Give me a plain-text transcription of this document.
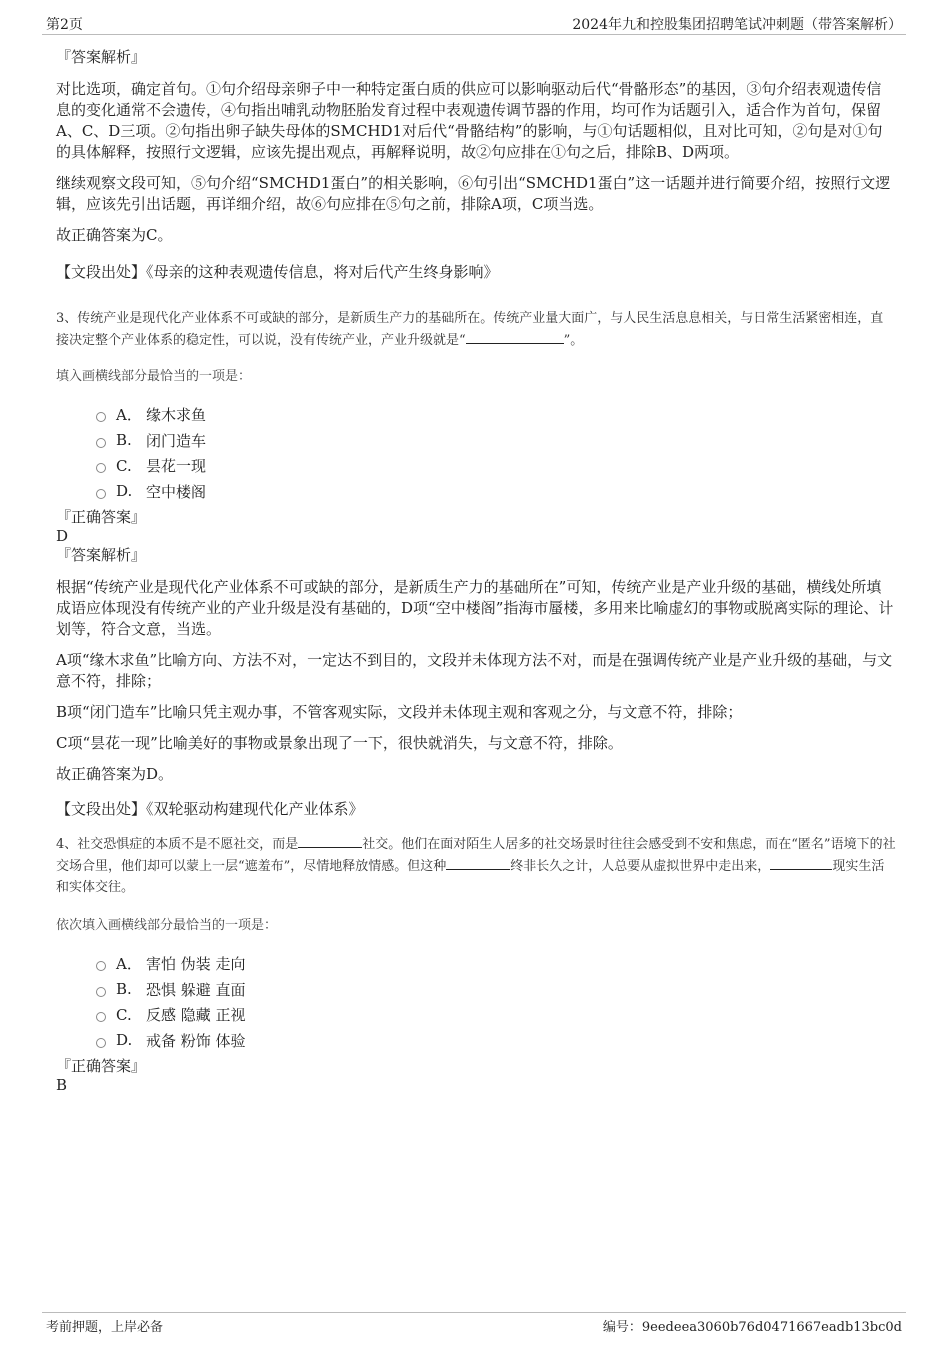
第2页	2024年九和控股集团招聘笔试冲刺题（带答案解析）
『答案解析』

对比选项，确定首句。①句介绍母亲卵子中一种特定蛋白质的供应可以影响驱动后代“骨骼形态”的基因，③句介绍表观遗传信息的变化通常不会遗传，④句指出哺乳动物胚胎发育过程中表观遗传调节器的作用，均可作为话题引入，适合作为首句，保留A、C、D三项。②句指出卵子缺失母体的SMCHD1对后代“骨骼结构”的影响，与①句话题相似，且对比可知，②句是对①句的具体解释，按照行文逻辑，应该先提出观点，再解释说明，故②句应排在①句之后，排除B、D两项。

继续观察文段可知，⑤句介绍“SMCHD1蛋白”的相关影响，⑥句引出“SMCHD1蛋白”这一话题并进行简要介绍，按照行文逻辑，应该先引出话题，再详细介绍，故⑥句应排在⑤句之前，排除A项，C项当选。

故正确答案为C。

【文段出处】《母亲的这种表观遗传信息，将对后代产生终身影响》

3、传统产业是现代化产业体系不可或缺的部分，是新质生产力的基础所在。传统产业量大面广，与人民生活息息相关，与日常生活紧密相连，直接决定整个产业体系的稳定性，可以说，没有传统产业，产业升级就是“	”。

填入画横线部分最恰当的一项是：
A． 缘木求鱼
B. 闭门造车
C. 昙花一现
D. 空中楼阁
『正确答案』
D
『答案解析』

根据“传统产业是现代化产业体系不可或缺的部分，是新质生产力的基础所在”可知，传统产业是产业升级的基础，横线处所填成语应体现没有传统产业的产业升级是没有基础的，D项“空中楼阁”指海市蜃楼，多用来比喻虚幻的事物或脱离实际的理论、计划等，符合文意，当选。

A项“缘木求鱼”比喻方向、方法不对，一定达不到目的，文段并未体现方法不对，而是在强调传统产业是产业升级的基础，与文意不符，排除；

B项“闭门造车”比喻只凭主观办事，不管客观实际，文段并未体现主观和客观之分，与文意不符，排除；

C项“昙花一现”比喻美好的事物或景象出现了一下，很快就消失，与文意不符，排除。

故正确答案为D。

【文段出处】《双轮驱动构建现代化产业体系》

4、社交恐惧症的本质不是不愿社交，而是	社交。他们在面对陌生人居多的社交场景时往往会感受到不安和焦虑，而在“匿名”语境下的社交场合里，他们却可以蒙上一层“遮羞布”，尽情地释放情感。但这种	终非长久之计，人总要从虚拟世界中走出来，	现实生活和实体交往。

依次填入画横线部分最恰当的一项是：
A． 害怕 伪装 走向
B. 恐惧 躲避 直面
C. 反感 隐藏 正视
D. 戒备 粉饰 体验
『正确答案』
B
考前押题，上岸必备	编号：9eedeea3060b76d0471667eadb13bc0d
